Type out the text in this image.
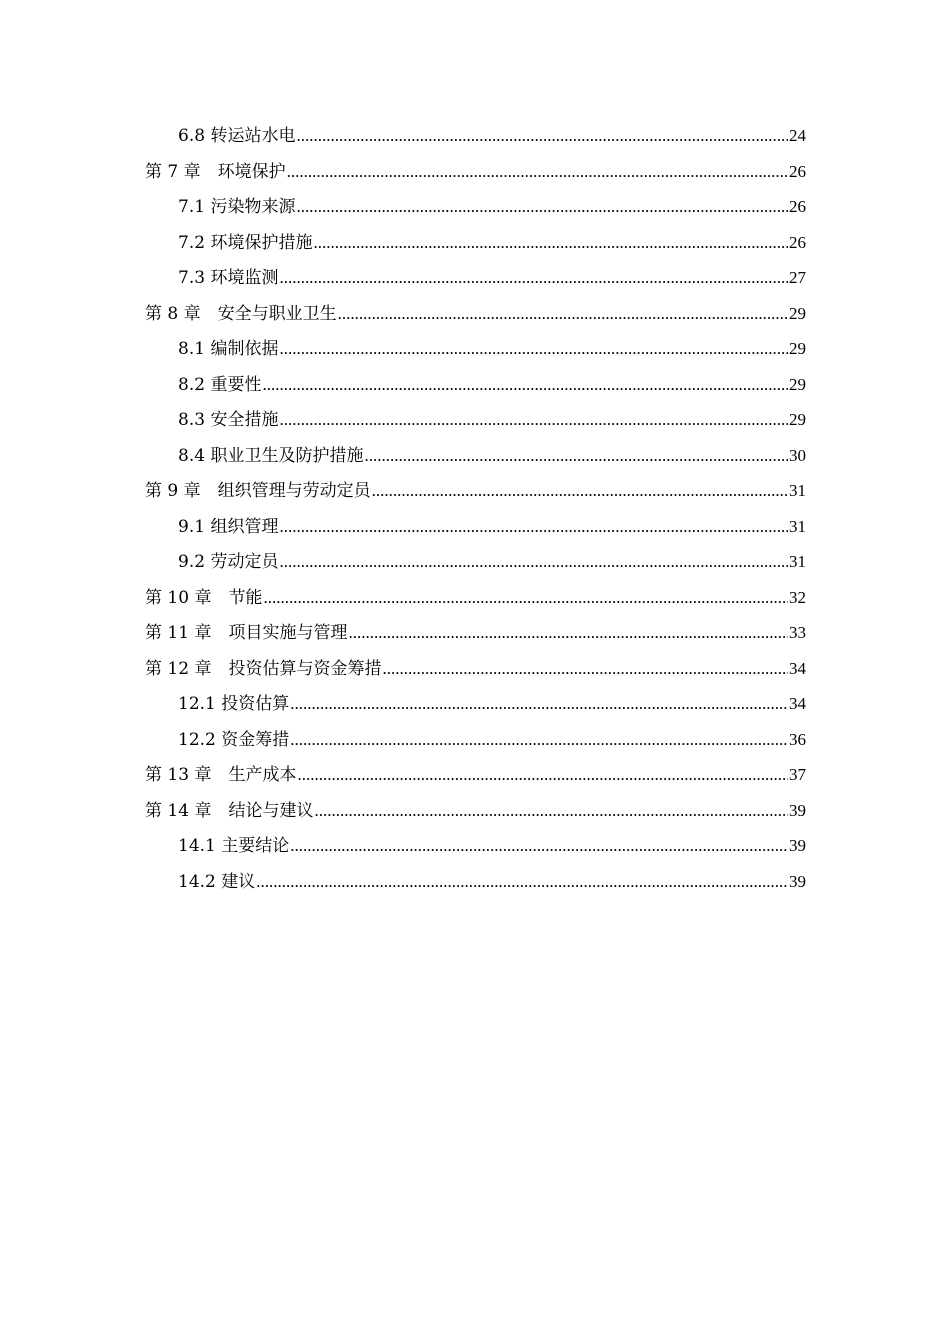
6.8 转运站水电 .....	24
第 7 章　环境保护 .....	26
7.1 污染物来源 .....	26
7.2 环境保护措施 .....	26
7.3 环境监测 .....	27
第 8 章　安全与职业卫生 .....	29
8.1 编制依据 .....	29
8.2 重要性 .....	29
8.3 安全措施 .....	29
8.4 职业卫生及防护措施 .....	30
第 9 章　组织管理与劳动定员 .....	31
9.1 组织管理 .....	31
9.2 劳动定员 .....	31
第 10 章　节能 .....	32
第 11 章　项目实施与管理 .....	33
第 12 章　投资估算与资金筹措 .....	34
12.1 投资估算 .....	34
12.2 资金筹措 .....	36
第 13 章　生产成本 .....	37
第 14 章　结论与建议 .....	39
14.1 主要结论 .....	39
14.2 建议 .....	39
